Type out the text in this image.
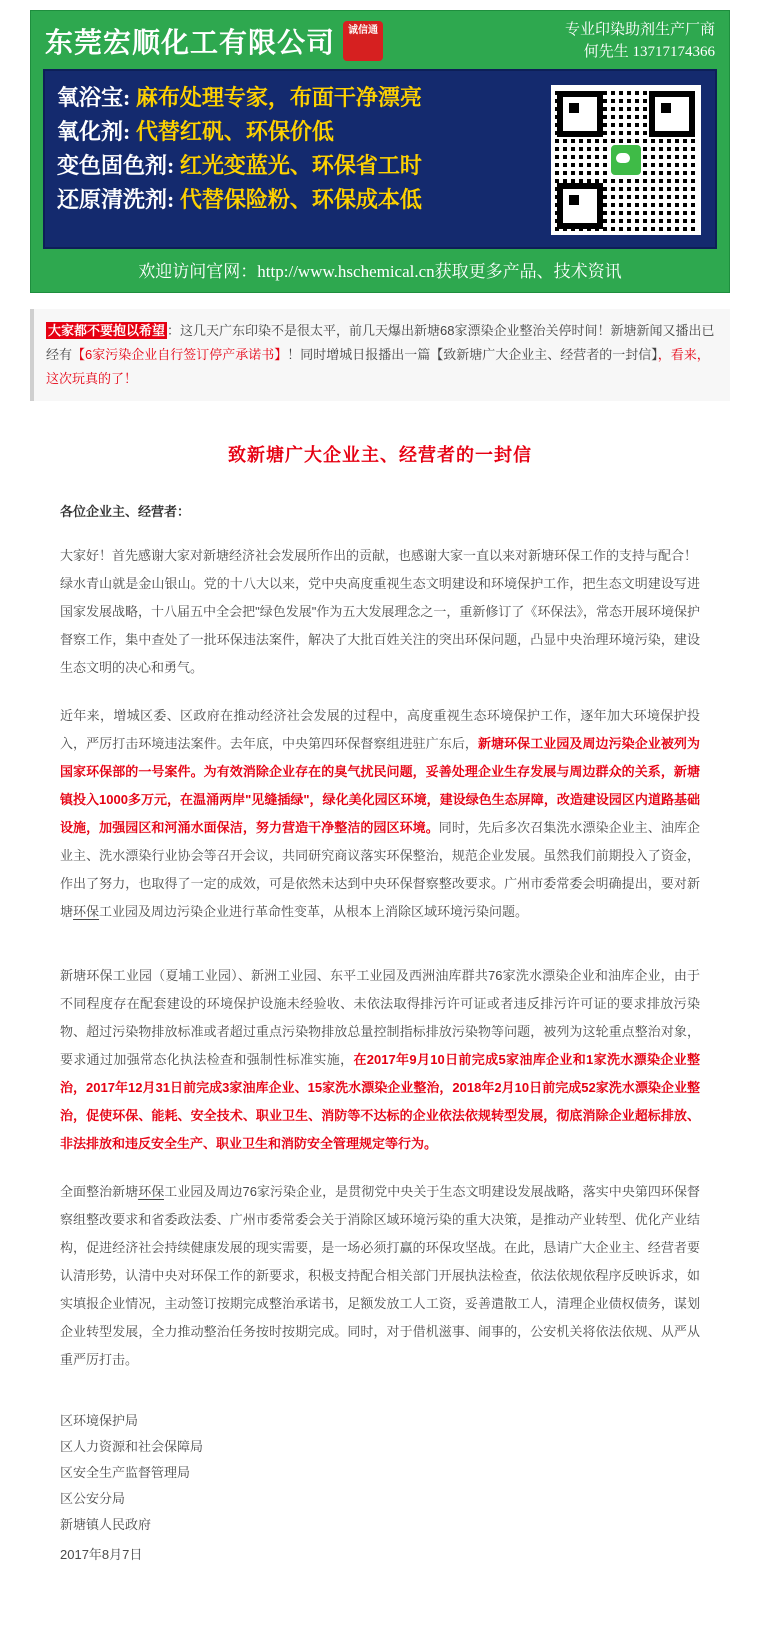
东莞宏顺化工有限公司	诚信通	专业印染助剂生产厂商
何先生 13717174366
氧浴宝: 麻布处理专家，布面干净漂亮
氧化剂: 代替红矾、环保价低
变色固色剂: 红光变蓝光、环保省工时
还原清洗剂: 代替保险粉、环保成本低
欢迎访问官网：http://www.hschemical.cn获取更多产品、技术资讯
大家都不要抱以希望 ：这几天广东印染不是很太平，前几天爆出新塘68家漂染企业整治关停时间！新塘新闻又播出已经有【6家污染企业自行签订停产承诺书】！同时增城日报播出一篇【致新塘广大企业主、经营者的一封信】，看来，这次玩真的了！
致新塘广大企业主、经营者的一封信
各位企业主、经营者：

大家好！首先感谢大家对新塘经济社会发展所作出的贡献，也感谢大家一直以来对新塘环保工作的支持与配合！

绿水青山就是金山银山。党的十八大以来，党中央高度重视生态文明建设和环境保护工作，把生态文明建设写进国家发展战略，十八届五中全会把"绿色发展"作为五大发展理念之一，重新修订了《环保法》，常态开展环境保护督察工作，集中查处了一批环保违法案件，解决了大批百姓关注的突出环保问题，凸显中央治理环境污染，建设生态文明的决心和勇气。

近年来，增城区委、区政府在推动经济社会发展的过程中，高度重视生态环境保护工作，逐年加大环境保护投入，严厉打击环境违法案件。去年底，中央第四环保督察组进驻广东后，新塘环保工业园及周边污染企业被列为国家环保部的一号案件。为有效消除企业存在的臭气扰民问题，妥善处理企业生存发展与周边群众的关系，新塘镇投入1000多万元，在温涌两岸"见缝插绿"，绿化美化园区环境，建设绿色生态屏障，改造建设园区内道路基础设施，加强园区和河涌水面保洁，努力营造干净整洁的园区环境。同时，先后多次召集洗水漂染企业主、油库企业主、洗水漂染行业协会等召开会议，共同研究商议落实环保整治，规范企业发展。虽然我们前期投入了资金，作出了努力，也取得了一定的成效，可是依然未达到中央环保督察整改要求。广州市委常委会明确提出，要对新塘环保工业园及周边污染企业进行革命性变革，从根本上消除区域环境污染问题。

新塘环保工业园（夏埔工业园）、新洲工业园、东平工业园及西洲油库群共76家洗水漂染企业和油库企业，由于不同程度存在配套建设的环境保护设施未经验收、未依法取得排污许可证或者违反排污许可证的要求排放污染物、超过污染物排放标准或者超过重点污染物排放总量控制指标排放污染物等问题，被列为这轮重点整治对象，要求通过加强常态化执法检查和强制性标准实施，在2017年9月10日前完成5家油库企业和1家洗水漂染企业整治，2017年12月31日前完成3家油库企业、15家洗水漂染企业整治，2018年2月10日前完成52家洗水漂染企业整治，促使环保、能耗、安全技术、职业卫生、消防等不达标的企业依法依规转型发展，彻底消除企业超标排放、非法排放和违反安全生产、职业卫生和消防安全管理规定等行为。

全面整治新塘环保工业园及周边76家污染企业，是贯彻党中央关于生态文明建设发展战略，落实中央第四环保督察组整改要求和省委政法委、广州市委常委会关于消除区域环境污染的重大决策，是推动产业转型、优化产业结构，促进经济社会持续健康发展的现实需要，是一场必须打赢的环保攻坚战。在此，恳请广大企业主、经营者要认清形势，认清中央对环保工作的新要求，积极支持配合相关部门开展执法检查，依法依规依程序反映诉求，如实填报企业情况，主动签订按期完成整治承诺书，足额发放工人工资，妥善遣散工人，清理企业债权债务，谋划企业转型发展，全力推动整治任务按时按期完成。同时，对于借机滋事、闹事的，公安机关将依法依规、从严从重严厉打击。

区环境保护局
区人力资源和社会保障局
区安全生产监督管理局
区公安分局
新塘镇人民政府
2017年8月7日
